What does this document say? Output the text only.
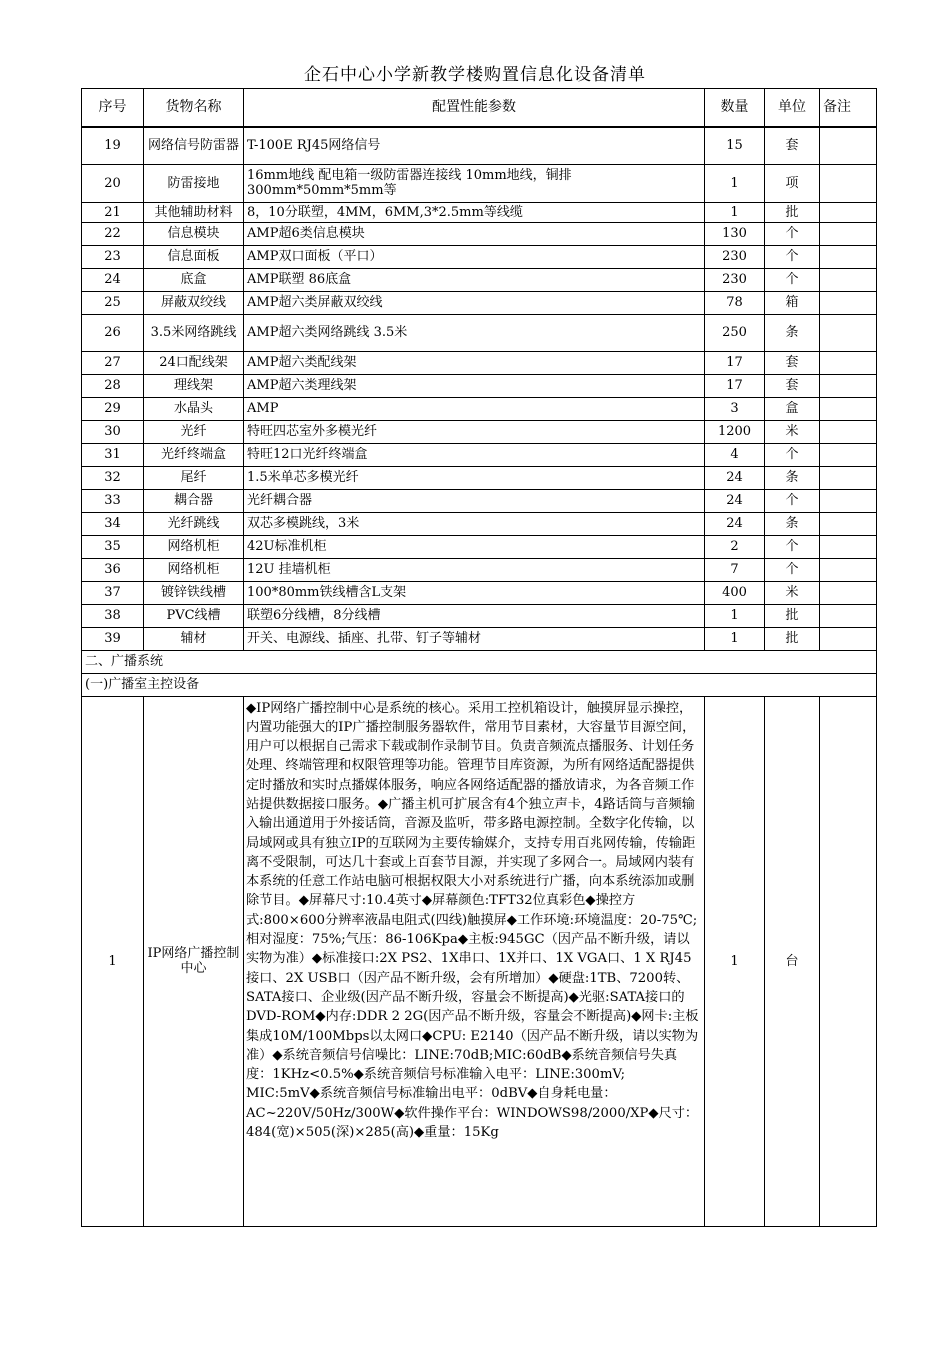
企石中心小学新教学楼购置信息化设备清单
序号	货物名称	配置性能参数	数量	单位	备注
19	网络信号防雷器	T-100E RJ45网络信号	15	套	
20	防雷接地	16mm地线 配电箱一级防雷器连接线 10mm地线，铜排300mm*50mm*5mm等	1	项	
21	其他辅助材料	8，10分联塑，4MM，6MM,3*2.5mm等线缆	1	批	
22	信息模块	AMP超6类信息模块	130	个	
23	信息面板	AMP双口面板（平口）	230	个	
24	底盒	AMP联塑 86底盒	230	个	
25	屏蔽双绞线	AMP超六类屏蔽双绞线	78	箱	
26	3.5米网络跳线	AMP超六类网络跳线 3.5米	250	条	
27	24口配线架	AMP超六类配线架	17	套	
28	理线架	AMP超六类理线架	17	套	
29	水晶头	AMP	3	盒	
30	光纤	特旺四芯室外多模光纤	1200	米	
31	光纤终端盒	特旺12口光纤终端盒	4	个	
32	尾纤	1.5米单芯多模光纤	24	条	
33	耦合器	光纤耦合器	24	个	
34	光纤跳线	双芯多模跳线，3米	24	条	
35	网络机柜	42U标准机柜	2	个	
36	网络机柜	12U 挂墙机柜	7	个	
37	镀锌铁线槽	100*80mm铁线槽含L支架	400	米	
38	PVC线槽	联塑6分线槽，8分线槽	1	批	
39	辅材	开关、电源线、插座、扎带、钉子等辅材	1	批	
二、广播系统					
(一)广播室主控设备					
1	IP网络广播控制中心	◆IP网络广播控制中心是系统的核心。采用工控机箱设计，触摸屏显示操控，内置功能强大的IP广播控制服务器软件，常用节目素材，大容量节目源空间，用户可以根据自己需求下载或制作录制节目。负责音频流点播服务、计划任务处理、终端管理和权限管理等功能。管理节目库资源，为所有网络适配器提供定时播放和实时点播媒体服务，响应各网络适配器的播放请求，为各音频工作站提供数据接口服务。◆广播主机可扩展含有4个独立声卡，4路话筒与音频输入输出通道用于外接话筒，音源及监听，带多路电源控制。全数字化传输，以局域网或具有独立IP的互联网为主要传输媒介，支持专用百兆网传输，传输距离不受限制，可达几十套或上百套节目源，并实现了多网合一。局域网内装有本系统的任意工作站电脑可根据权限大小对系统进行广播，向本系统添加或删除节目。◆屏幕尺寸:10.4英寸◆屏幕颜色:TFT32位真彩色◆操控方式:800×600分辨率液晶电阻式(四线)触摸屏◆工作环境:环境温度：20-75℃;相对湿度：75%;气压：86-106Kpa◆主板:945GC（因产品不断升级，请以实物为准）◆标准接口:2X PS2、1X串口、1X并口、1X VGA口、1 X RJ45接口、2X USB口（因产品不断升级，会有所增加）◆硬盘:1TB、7200转、SATA接口、企业级(因产品不断升级，容量会不断提高)◆光驱:SATA接口的DVD-ROM◆内存:DDR 2 2G(因产品不断升级，容量会不断提高)◆网卡:主板集成10M/100Mbps以太网口◆CPU: E2140（因产品不断升级，请以实物为准）◆系统音频信号信噪比：LINE:70dB;MIC:60dB◆系统音频信号失真度：1KHz<0.5%◆系统音频信号标准输入电平：LINE:300mV; MIC:5mV◆系统音频信号标准输出电平：0dBV◆自身耗电量：AC~220V/50Hz/300W◆软件操作平台：WINDOWS98/2000/XP◆尺寸：484(宽)×505(深)×285(高)◆重量：15Kg	1	台	
